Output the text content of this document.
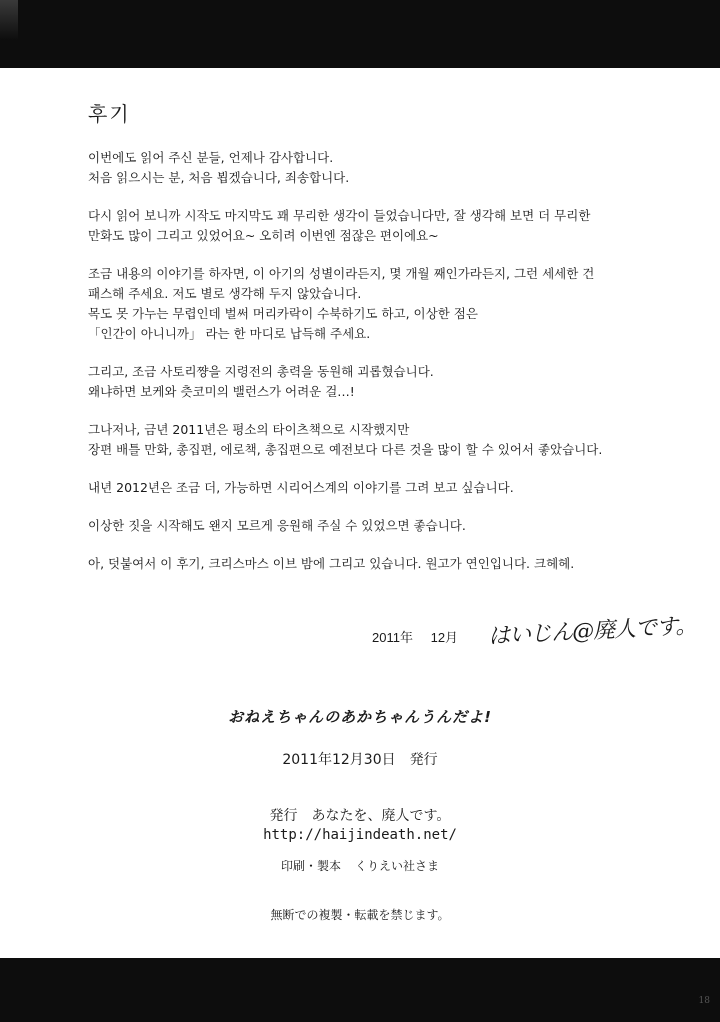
후기

이번에도 읽어 주신 분들, 언제나 감사합니다.
처음 읽으시는 분, 처음 뵙겠습니다, 죄송합니다.

다시 읽어 보니까 시작도 마지막도 꽤 무리한 생각이 들었습니다만, 잘 생각해 보면 더 무리한
만화도 많이 그리고 있었어요~ 오히려 이번엔 점잖은 편이에요~

조금 내용의 이야기를 하자면, 이 아기의 성별이라든지, 몇 개월 째인가라든지, 그런 세세한 건
패스해 주세요. 저도 별로 생각해 두지 않았습니다.
목도 못 가누는 무렵인데 벌써 머리카락이 수북하기도 하고, 이상한 점은
「인간이 아니니까」 라는 한 마디로 납득해 주세요.

그리고, 조금 사토리쨩을 지령전의 총력을 동원해 괴롭혔습니다.
왜냐하면 보케와 츳코미의 밸런스가 어려운 걸…!

그나저나, 금년 2011년은 평소의 타이츠책으로 시작했지만
장편 배틀 만화, 총집편, 에로책, 총집편으로 예전보다 다른 것을 많이 할 수 있어서 좋았습니다.

내년 2012년은 조금 더, 가능하면 시리어스계의 이야기를 그려 보고 싶습니다.

이상한 짓을 시작해도 왠지 모르게 응원해 주실 수 있었으면 좋습니다.

아, 덧붙여서 이 후기, 크리스마스 이브 밤에 그리고 있습니다. 원고가 연인입니다. 크헤헤.

2011年 12月	はいじん@廃人です。
おねえちゃんのあかちゃんうんだよ!
2011年12月30日 発行
発行 あなたを、廃人です。
http://haijindeath.net/
印刷・製本 くりえい社さま
無断での複製・転載を禁じます。
18
